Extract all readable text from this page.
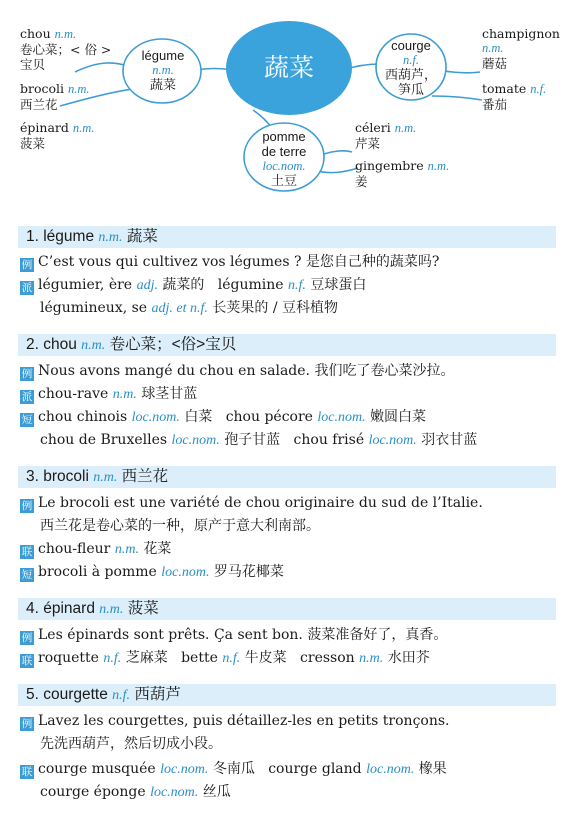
蔬菜
légume
n.m.
蔬菜
courge
n.f.
西葫芦，
笋瓜
pomme
de terre
loc.nom.
土豆
chou n.m.
卷心菜；< 俗 >
宝贝
brocoli n.m.
西兰花
épinard n.m.
菠菜
champignon
n.m.
蘑菇
tomate n.f.
番茄
céleri n.m.
芹菜
gingembre n.m.
姜
1. légume n.m. 蔬菜
例 C’est vous qui cultivez vos légumes ? 是您自己种的蔬菜吗?
派 légumier, ère adj. 蔬菜的 légumine n.f. 豆球蛋白
légumineux, se adj. et n.f. 长荚果的 / 豆科植物
2. chou n.m. 卷心菜；<俗>宝贝
例 Nous avons mangé du chou en salade. 我们吃了卷心菜沙拉。
派 chou-rave n.m. 球茎甘蓝
短 chou chinois loc.nom. 白菜 chou pécore loc.nom. 嫩圆白菜
chou de Bruxelles loc.nom. 孢子甘蓝 chou frisé loc.nom. 羽衣甘蓝
3. brocoli n.m. 西兰花
例 Le brocoli est une variété de chou originaire du sud de l’Italie.
西兰花是卷心菜的一种，原产于意大利南部。
联 chou-fleur n.m. 花菜
短 brocoli à pomme loc.nom. 罗马花椰菜
4. épinard n.m. 菠菜
例 Les épinards sont prêts. Ça sent bon. 菠菜准备好了，真香。
联 roquette n.f. 芝麻菜 bette n.f. 牛皮菜 cresson n.m. 水田芥
5. courgette n.f. 西葫芦
例 Lavez les courgettes, puis détaillez-les en petits tronçons.
先洗西葫芦，然后切成小段。
联 courge musquée loc.nom. 冬南瓜 courge gland loc.nom. 橡果
courge éponge loc.nom. 丝瓜
